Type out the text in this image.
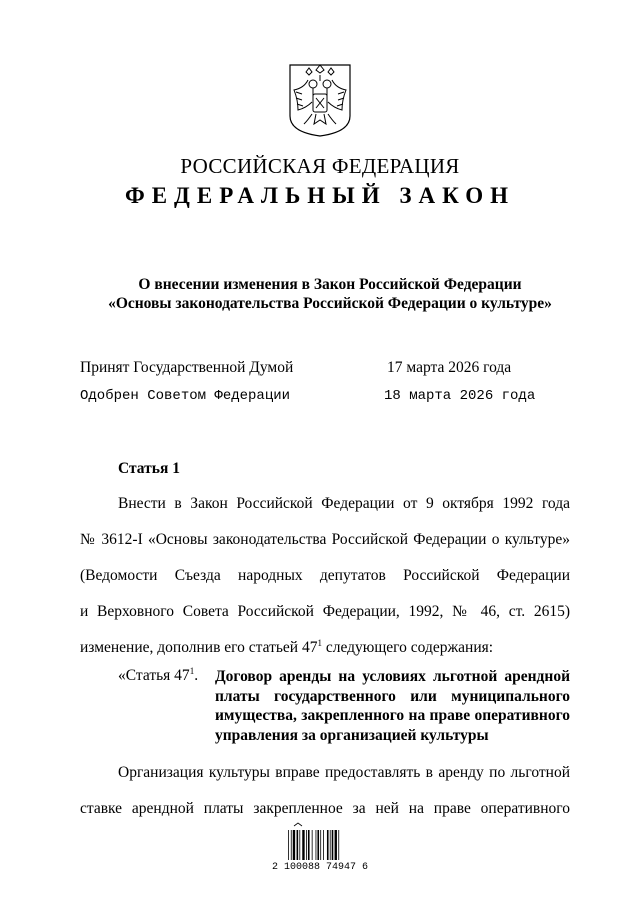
РОССИЙСКАЯ ФЕДЕРАЦИЯ
ФЕДЕРАЛЬНЫЙ ЗАКОН
О внесении изменения в Закон Российской Федерации
«Основы законодательства Российской Федерации о культуре»
Принят Государственной Думой	17 марта 2026 года
Одобрен Советом Федерации	18 марта 2026 года
Статья 1
Внести в Закон Российской Федерации от 9 октября 1992 года
№ 3612-I «Основы законодательства Российской Федерации о культуре»
(Ведомости Съезда народных депутатов Российской Федерации
и Верховного Совета Российской Федерации, 1992, № 46, ст. 2615)
изменение, дополнив его статьей $47^1$ следующего содержания:
«Статья $47^1$. Договор аренды на условиях льготной арендной
платы государственного или муниципального
имущества, закрепленного на праве оперативного
управления за организацией культуры
Организация культуры вправе предоставлять в аренду по льготной
ставке арендной платы закрепленное за ней на праве оперативного
2 100088 74947 6
